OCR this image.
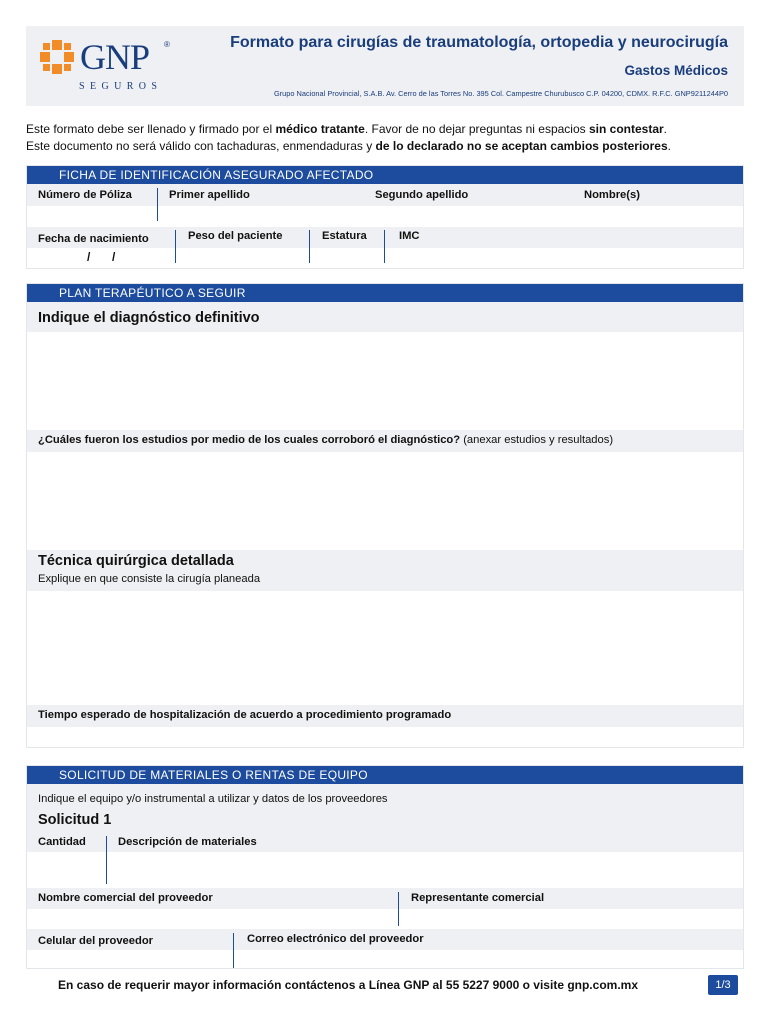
GNP ®
SEGUROS
Formato para cirugías de traumatología, ortopedia y neurocirugía
Gastos Médicos
Grupo Nacional Provincial, S.A.B. Av. Cerro de las Torres No. 395 Col. Campestre Churubusco C.P. 04200, CDMX. R.F.C. GNP9211244P0
Este formato debe ser llenado y firmado por el médico tratante. Favor de no dejar preguntas ni espacios sin contestar.
Este documento no será válido con tachaduras, enmendaduras y de lo declarado no se aceptan cambios posteriores.
FICHA DE IDENTIFICACIÓN ASEGURADO AFECTADO
Número de Póliza	Primer apellido	Segundo apellido	Nombre(s)
Fecha de nacimiento	Peso del paciente	Estatura	IMC
/ /
PLAN TERAPÉUTICO A SEGUIR
Indique el diagnóstico definitivo
¿Cuáles fueron los estudios por medio de los cuales corroboró el diagnóstico? (anexar estudios y resultados)
Técnica quirúrgica detallada
Explique en que consiste la cirugía planeada
Tiempo esperado de hospitalización de acuerdo a procedimiento programado
SOLICITUD DE MATERIALES O RENTAS DE EQUIPO
Indique el equipo y/o instrumental a utilizar y datos de los proveedores
Solicitud 1
Cantidad	Descripción de materiales
Nombre comercial del proveedor	Representante comercial
Celular del proveedor	Correo electrónico del proveedor
En caso de requerir mayor información contáctenos a Línea GNP al 55 5227 9000 o visite gnp.com.mx	1/3
